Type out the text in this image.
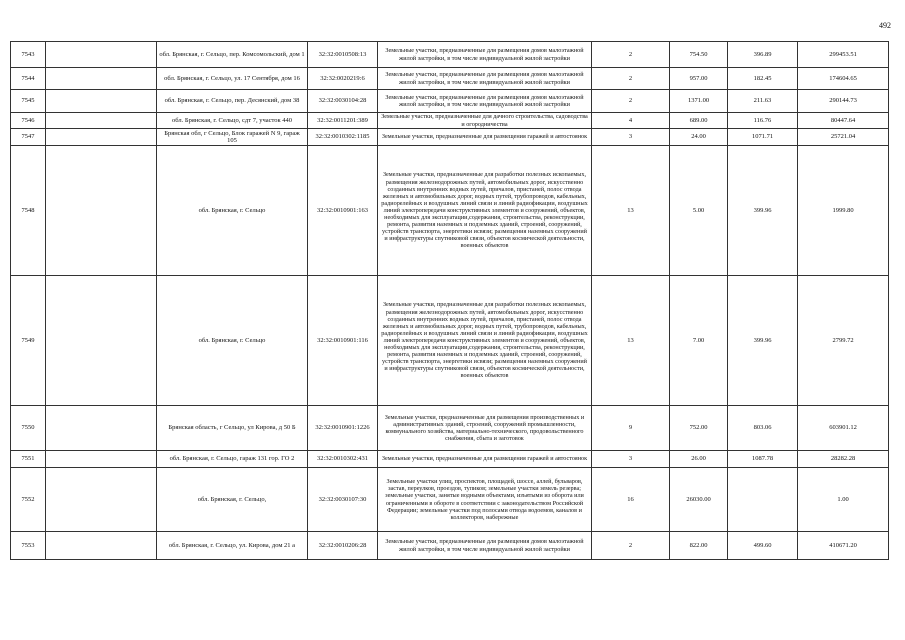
492
7543		обл. Брянская, г. Сельцо, пер. Комсомольский, дом 1	32:32:0010508:13	Земельные участки, предназначенные для размещения домов малоэтажной жилой застройки, в том числе индивидуальной жилой застройки	2	754.50	396.89	299453.51
7544		обл. Брянская, г. Сельцо, ул. 17 Сентября, дом 16	32:32:0020219:6	Земельные участки, предназначенные для размещения домов малоэтажной жилой застройки, в том числе индивидуальной жилой застройки	2	957.00	182.45	174604.65
7545		обл. Брянская, г. Сельцо, пер. Десянский, дом 38	32:32:0030104:28	Земельные участки, предназначенные для размещения домов малоэтажной жилой застройки, в том числе индивидуальной жилой застройки	2	1371.00	211.63	290144.73
7546		обл. Брянская, г. Сельцо, сдт 7, участок 440	32:32:0011201:389	Земельные участки, предназначенные для дачного строительства, садоводства и огородничества	4	689.00	116.76	80447.64
7547		Брянская обл, г Сельцо, Блок гаражей N 9, гараж 105	32:32:0010302:1185	Земельные участки, предназначенные для размещения гаражей и автостоянок	3	24.00	1071.71	25721.04
7548		обл. Брянская, г. Сельцо	32:32:0010901:163	Земельные участки, предназначенные для разработки полезных ископаемых, размещения железнодорожных путей, автомобильных дорог, искусственно созданных внутренних водных путей, причалов, пристаней, полос отвода железных и автомобильных дорог, водных путей, трубопроводов, кабельных, радиорелейных и воздушных линий связи и линий радиофикации, воздушных линий электропередачи конструктивных элементов и сооружений, объектов, необходимых для эксплуатации,содержания, строительства, реконструкции, ремонта, развития наземных и подземных зданий, строений, сооружений, устройств транспорта, энергетики исвязи; размещения наземных сооружений и инфраструктуры спутниковой связи, объектов космической деятельности, военных объектов	13	5.00	399.96	1999.80
7549		обл. Брянская, г. Сельцо	32:32:0010901:116	Земельные участки, предназначенные для разработки полезных ископаемых, размещения железнодорожных путей, автомобильных дорог, искусственно созданных внутренних водных путей, причалов, пристаней, полос отвода железных и автомобильных дорог, водных путей, трубопроводов, кабельных, радиорелейных и воздушных линий связи и линий радиофикации, воздушных линий электропередачи конструктивных элементов и сооружений, объектов, необходимых для эксплуатации,содержания, строительства, реконструкции, ремонта, развития наземных и подземных зданий, строений, сооружений, устройств транспорта, энергетики исвязи; размещения наземных сооружений и инфраструктуры спутниковой связи, объектов космической деятельности, военных объектов	13	7.00	399.96	2799.72
7550		Брянская область, г Сельцо, ул Кирова, д 50 Б	32:32:0010901:1226	Земельные участки, предназначенные для размещения производственных и административных зданий, строений, сооружений промышленности, коммунального хозяйства, материально-технического, продовольственного снабжения, сбыта и заготовок	9	752.00	803.06	603901.12
7551		обл. Брянская, г. Сельцо, гараж 131 гор. ГО 2	32:32:0010302:431	Земельные участки, предназначенные для размещения гаражей и автостоянок	3	26.00	1087.78	28282.28
7552		обл. Брянская, г. Сельцо,	32:32:0030107:30	Земельные участки улиц, проспектов, площадей, шоссе, аллей, бульваров, застав, переулков, проездов, тупиков; земельные участки земель резерва; земельные участки, занятые водными объектами, изъятыми из оборота или ограниченными в обороте в соответствии с законодательством Российской Федерации; земельные участки под полосами отвода водоемов, каналов и коллекторов, набережные	16	26030.00		1.00
7553		обл. Брянская, г. Сельцо, ул. Кирова, дом 21 а	32:32:0010206:28	Земельные участки, предназначенные для размещения домов малоэтажной жилой застройки, в том числе индивидуальной жилой застройки	2	822.00	499.60	410671.20
